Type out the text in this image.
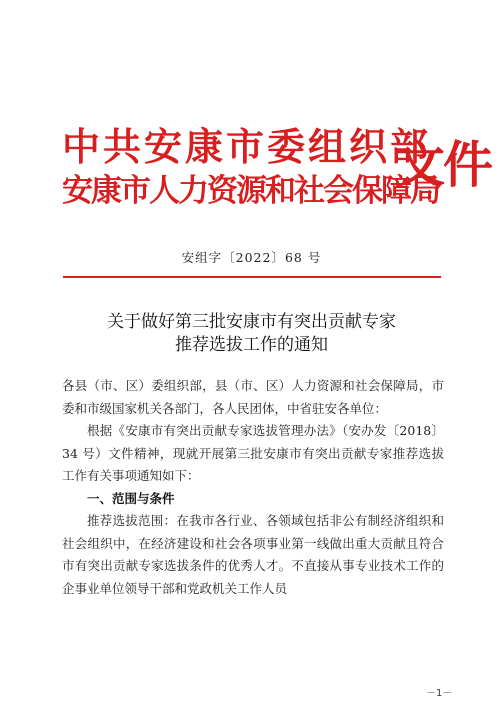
中共安康市委组织部
安康市人力资源和社会保障局
文件
安组字〔2022〕68 号
关于做好第三批安康市有突出贡献专家
推荐选拔工作的通知

各县（市、区）委组织部，县（市、区）人力资源和社会保障局，市委和市级国家机关各部门，各人民团体，中省驻安各单位：

根据《安康市有突出贡献专家选拔管理办法》（安办发〔2018〕34 号）文件精神，现就开展第三批安康市有突出贡献专家推荐选拔工作有关事项通知如下：

一、范围与条件

推荐选拔范围：在我市各行业、各领域包括非公有制经济组织和社会组织中，在经济建设和社会各项事业第一线做出重大贡献且符合市有突出贡献专家选拔条件的优秀人才。不直接从事专业技术工作的企事业单位领导干部和党政机关工作人员

－1－
